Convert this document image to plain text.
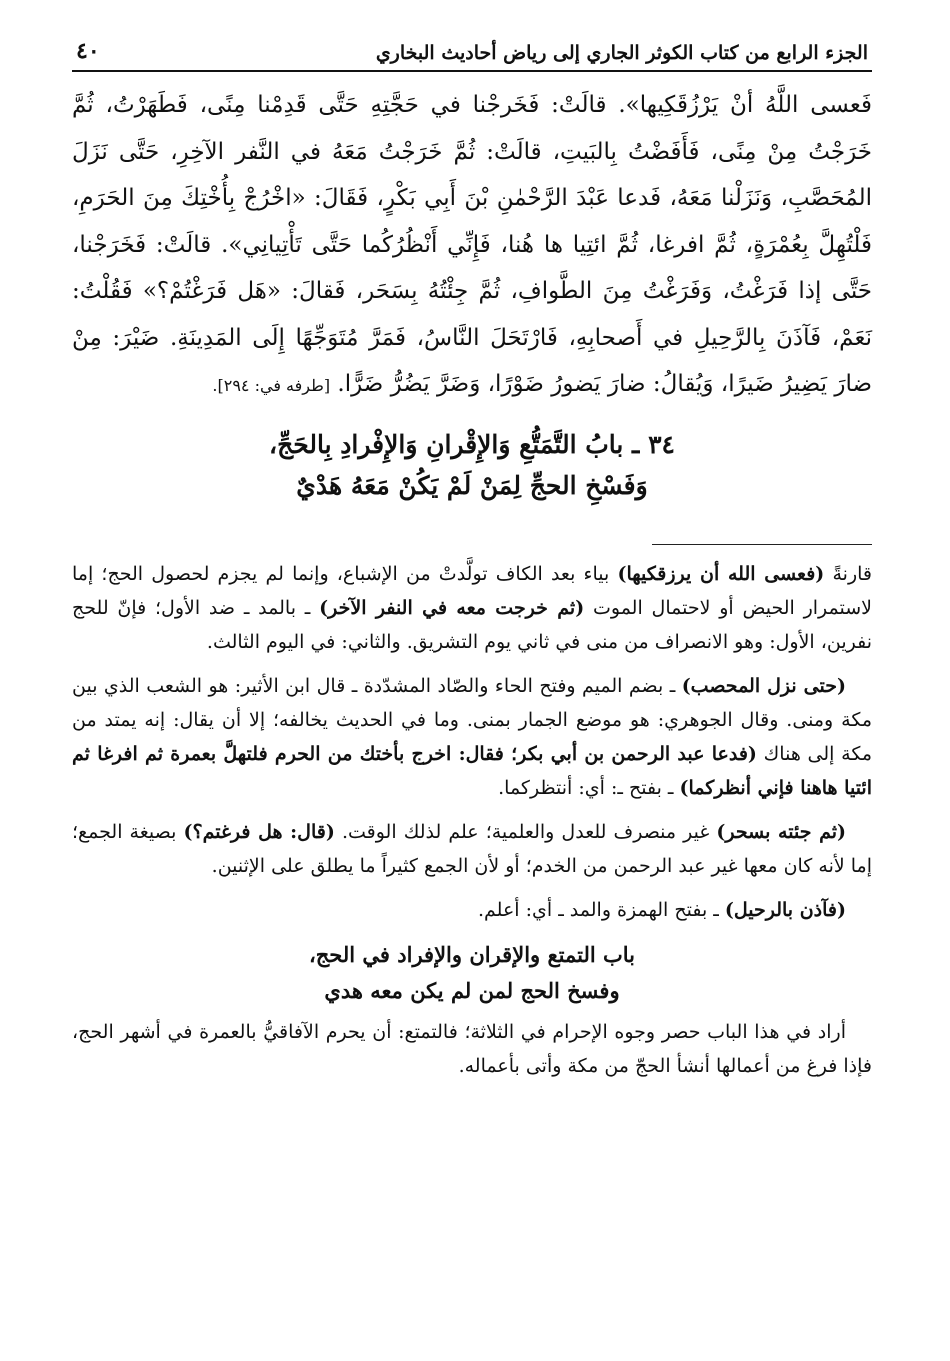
الجزء الرابع من كتاب الكوثر الجاري إلى رياض أحاديث البخاري
٤٠
فَعسى اللَّهُ أنْ يَرْزُقَكِيها». قالَتْ: فَخَرجْنا في حَجَّتِهِ حَتَّى قَدِمْنا مِنًى، فَطَهَرْتُ، ثُمَّ خَرَجْتُ مِنْ مِنًى، فَأَفَضْتُ بِالبَيتِ، قالَتْ: ثُمَّ خَرَجْتُ مَعَهُ في النَّفر الآخِرِ، حَتَّى نَزَلَ المُحَصَّبِ، وَنَزَلْنا مَعَهُ، فَدعا عَبْدَ الرَّحْمٰنِ بْنَ أَبِي بَكْرٍ، فَقَالَ: «اخْرُجْ بِأُخْتِكَ مِنَ الحَرَمِ، فَلْتُهِلَّ بِعُمْرَةٍ، ثُمَّ افرغا، ثُمَّ ائتِيا ها هُنا، فَإِنِّي أَنْظُرُكُما حَتَّى تَأْتِيانِي». قالَتْ: فَخَرَجْنا، حَتَّى إذا فَرَغْتُ، وَفَرَغْتُ مِنَ الطَّوافِ، ثُمَّ جِئْتُهُ بِسَحَر، فَقالَ: «هَل فَرَغْتُمْ؟» فَقُلْتُ: نَعَمْ، فَآذَنَ بِالرَّحِيلِ في أَصحابِهِ، فَارْتَحَلَ النَّاسُ، فَمَرَّ مُتَوَجِّهًا إِلَى المَدِينَةِ. ضَيْرَ: مِنْ ضارَ يَضِيرُ ضَيرًا، وَيُقالُ: ضارَ يَضورُ ضَوْرًا، وَضَرَّ يَضُرُّ ضَرًّا. [طرفه في: ٢٩٤].
٣٤ ـ بابُ التَّمَتُّعِ وَالإِقْرانِ وَالإِفْرادِ بِالحَجِّ،
وَفَسْخِ الحجِّ لِمَنْ لَمْ يَكُنْ مَعَهُ هَدْيٌ

قارنةً (فعسى الله أن يرزقكيها) بياء بعد الكاف تولَّدتْ من الإشباع، وإنما لم يجزم لحصول الحج؛ إما لاستمرار الحيض أو لاحتمال الموت (ثم خرجت معه في النفر الآخر) ـ بالمد ـ ضد الأول؛ فإنّ للحج نفرين، الأول: وهو الانصراف من منى في ثاني يوم التشريق. والثاني: في اليوم الثالث.

(حتى نزل المحصب) ـ بضم الميم وفتح الحاء والصّاد المشدّدة ـ قال ابن الأثير: هو الشعب الذي بين مكة ومنى. وقال الجوهري: هو موضع الجمار بمنى. وما في الحديث يخالفه؛ إلا أن يقال: إنه يمتد من مكة إلى هناك (فدعا عبد الرحمن بن أبي بكر؛ فقال: اخرج بأختك من الحرم فلتهلَّ بعمرة ثم افرغا ثم ائتيا هاهنا فإني أنظركما) ـ بفتح ـ: أي: أنتظركما.

(ثم جئته بسحر) غير منصرف للعدل والعلمية؛ علم لذلك الوقت. (قال: هل فرغتم؟) بصيغة الجمع؛ إما لأنه كان معها غير عبد الرحمن من الخدم؛ أو لأن الجمع كثيراً ما يطلق على الإثنين.

(فآذن بالرحيل) ـ بفتح الهمزة والمد ـ أي: أعلم.

باب التمتع والإقران والإفراد في الحج،
وفسخ الحج لمن لم يكن معه هدي

أراد في هذا الباب حصر وجوه الإحرام في الثلاثة؛ فالتمتع: أن يحرم الآفاقيُّ بالعمرة في أشهر الحج، فإذا فرغ من أعمالها أنشأ الحجّ من مكة وأتى بأعماله.
